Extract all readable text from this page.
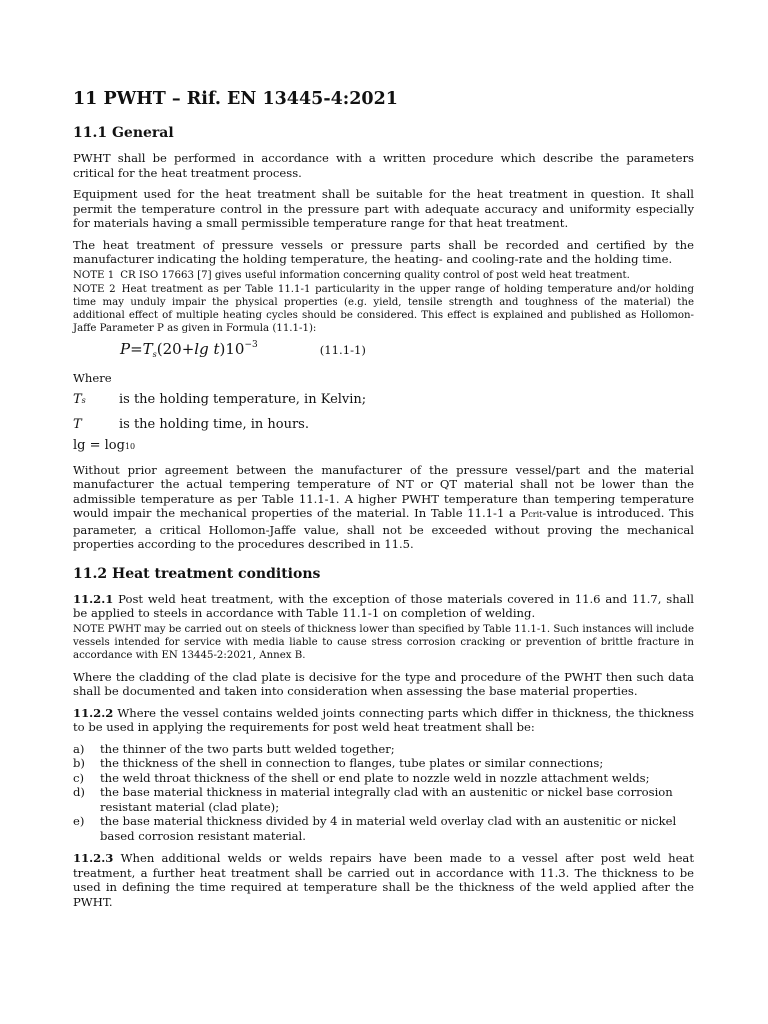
11 PWHT – Rif. EN 13445-4:2021
11.1 General

PWHT shall be performed in accordance with a written procedure which describe the parameters critical for the heat treatment process.

Equipment used for the heat treatment shall be suitable for the heat treatment in question. It shall permit the temperature control in the pressure part with adequate accuracy and uniformity especially for materials having a small permissible temperature range for that heat treatment.

The heat treatment of pressure vessels or pressure parts shall be recorded and certified by the manufacturer indicating the holding temperature, the heating- and cooling-rate and the holding time.

NOTE 1 CR ISO 17663 [7] gives useful information concerning quality control of post weld heat treatment.
NOTE 2 Heat treatment as per Table 11.1-1 particularity in the upper range of holding temperature and/or holding time may unduly impair the physical properties (e.g. yield, tensile strength and toughness of the material) the additional effect of multiple heating cycles should be considered. This effect is explained and published as Hollomon-Jaffe Parameter P as given in Formula (11.1-1):
$P=T_s(20+\lg$ $t)10^{-3}$	(11.1-1)

Where

Ts	is the holding temperature, in Kelvin;
T	is the holding time, in hours.
lg = log10

Without prior agreement between the manufacturer of the pressure vessel/part and the material manufacturer the actual tempering temperature of NT or QT material shall not be lower than the admissible temperature as per Table 11.1-1. A higher PWHT temperature than tempering temperature would impair the mechanical properties of the material. In Table 11.1-1 a Pcrit-value is introduced. This parameter, a critical Hollomon-Jaffe value, shall not be exceeded without proving the mechanical properties according to the procedures described in 11.5.

11.2 Heat treatment conditions

11.2.1 Post weld heat treatment, with the exception of those materials covered in 11.6 and 11.7, shall be applied to steels in accordance with Table 11.1-1 on completion of welding.

NOTE PWHT may be carried out on steels of thickness lower than specified by Table 11.1-1. Such instances will include vessels intended for service with media liable to cause stress corrosion cracking or prevention of brittle fracture in accordance with EN 13445-2:2021, Annex B.

Where the cladding of the clad plate is decisive for the type and procedure of the PWHT then such data shall be documented and taken into consideration when assessing the base material properties.

11.2.2 Where the vessel contains welded joints connecting parts which differ in thickness, the thickness to be used in applying the requirements for post weld heat treatment shall be:

a)	the thinner of the two parts butt welded together;
b)	the thickness of the shell in connection to flanges, tube plates or similar connections;
c)	the weld throat thickness of the shell or end plate to nozzle weld in nozzle attachment welds;
d)	the base material thickness in material integrally clad with an austenitic or nickel base corrosion resistant material (clad plate);
e)	the base material thickness divided by 4 in material weld overlay clad with an austenitic or nickel based corrosion resistant material.

11.2.3 When additional welds or welds repairs have been made to a vessel after post weld heat treatment, a further heat treatment shall be carried out in accordance with 11.3. The thickness to be used in defining the time required at temperature shall be the thickness of the weld applied after the PWHT.
